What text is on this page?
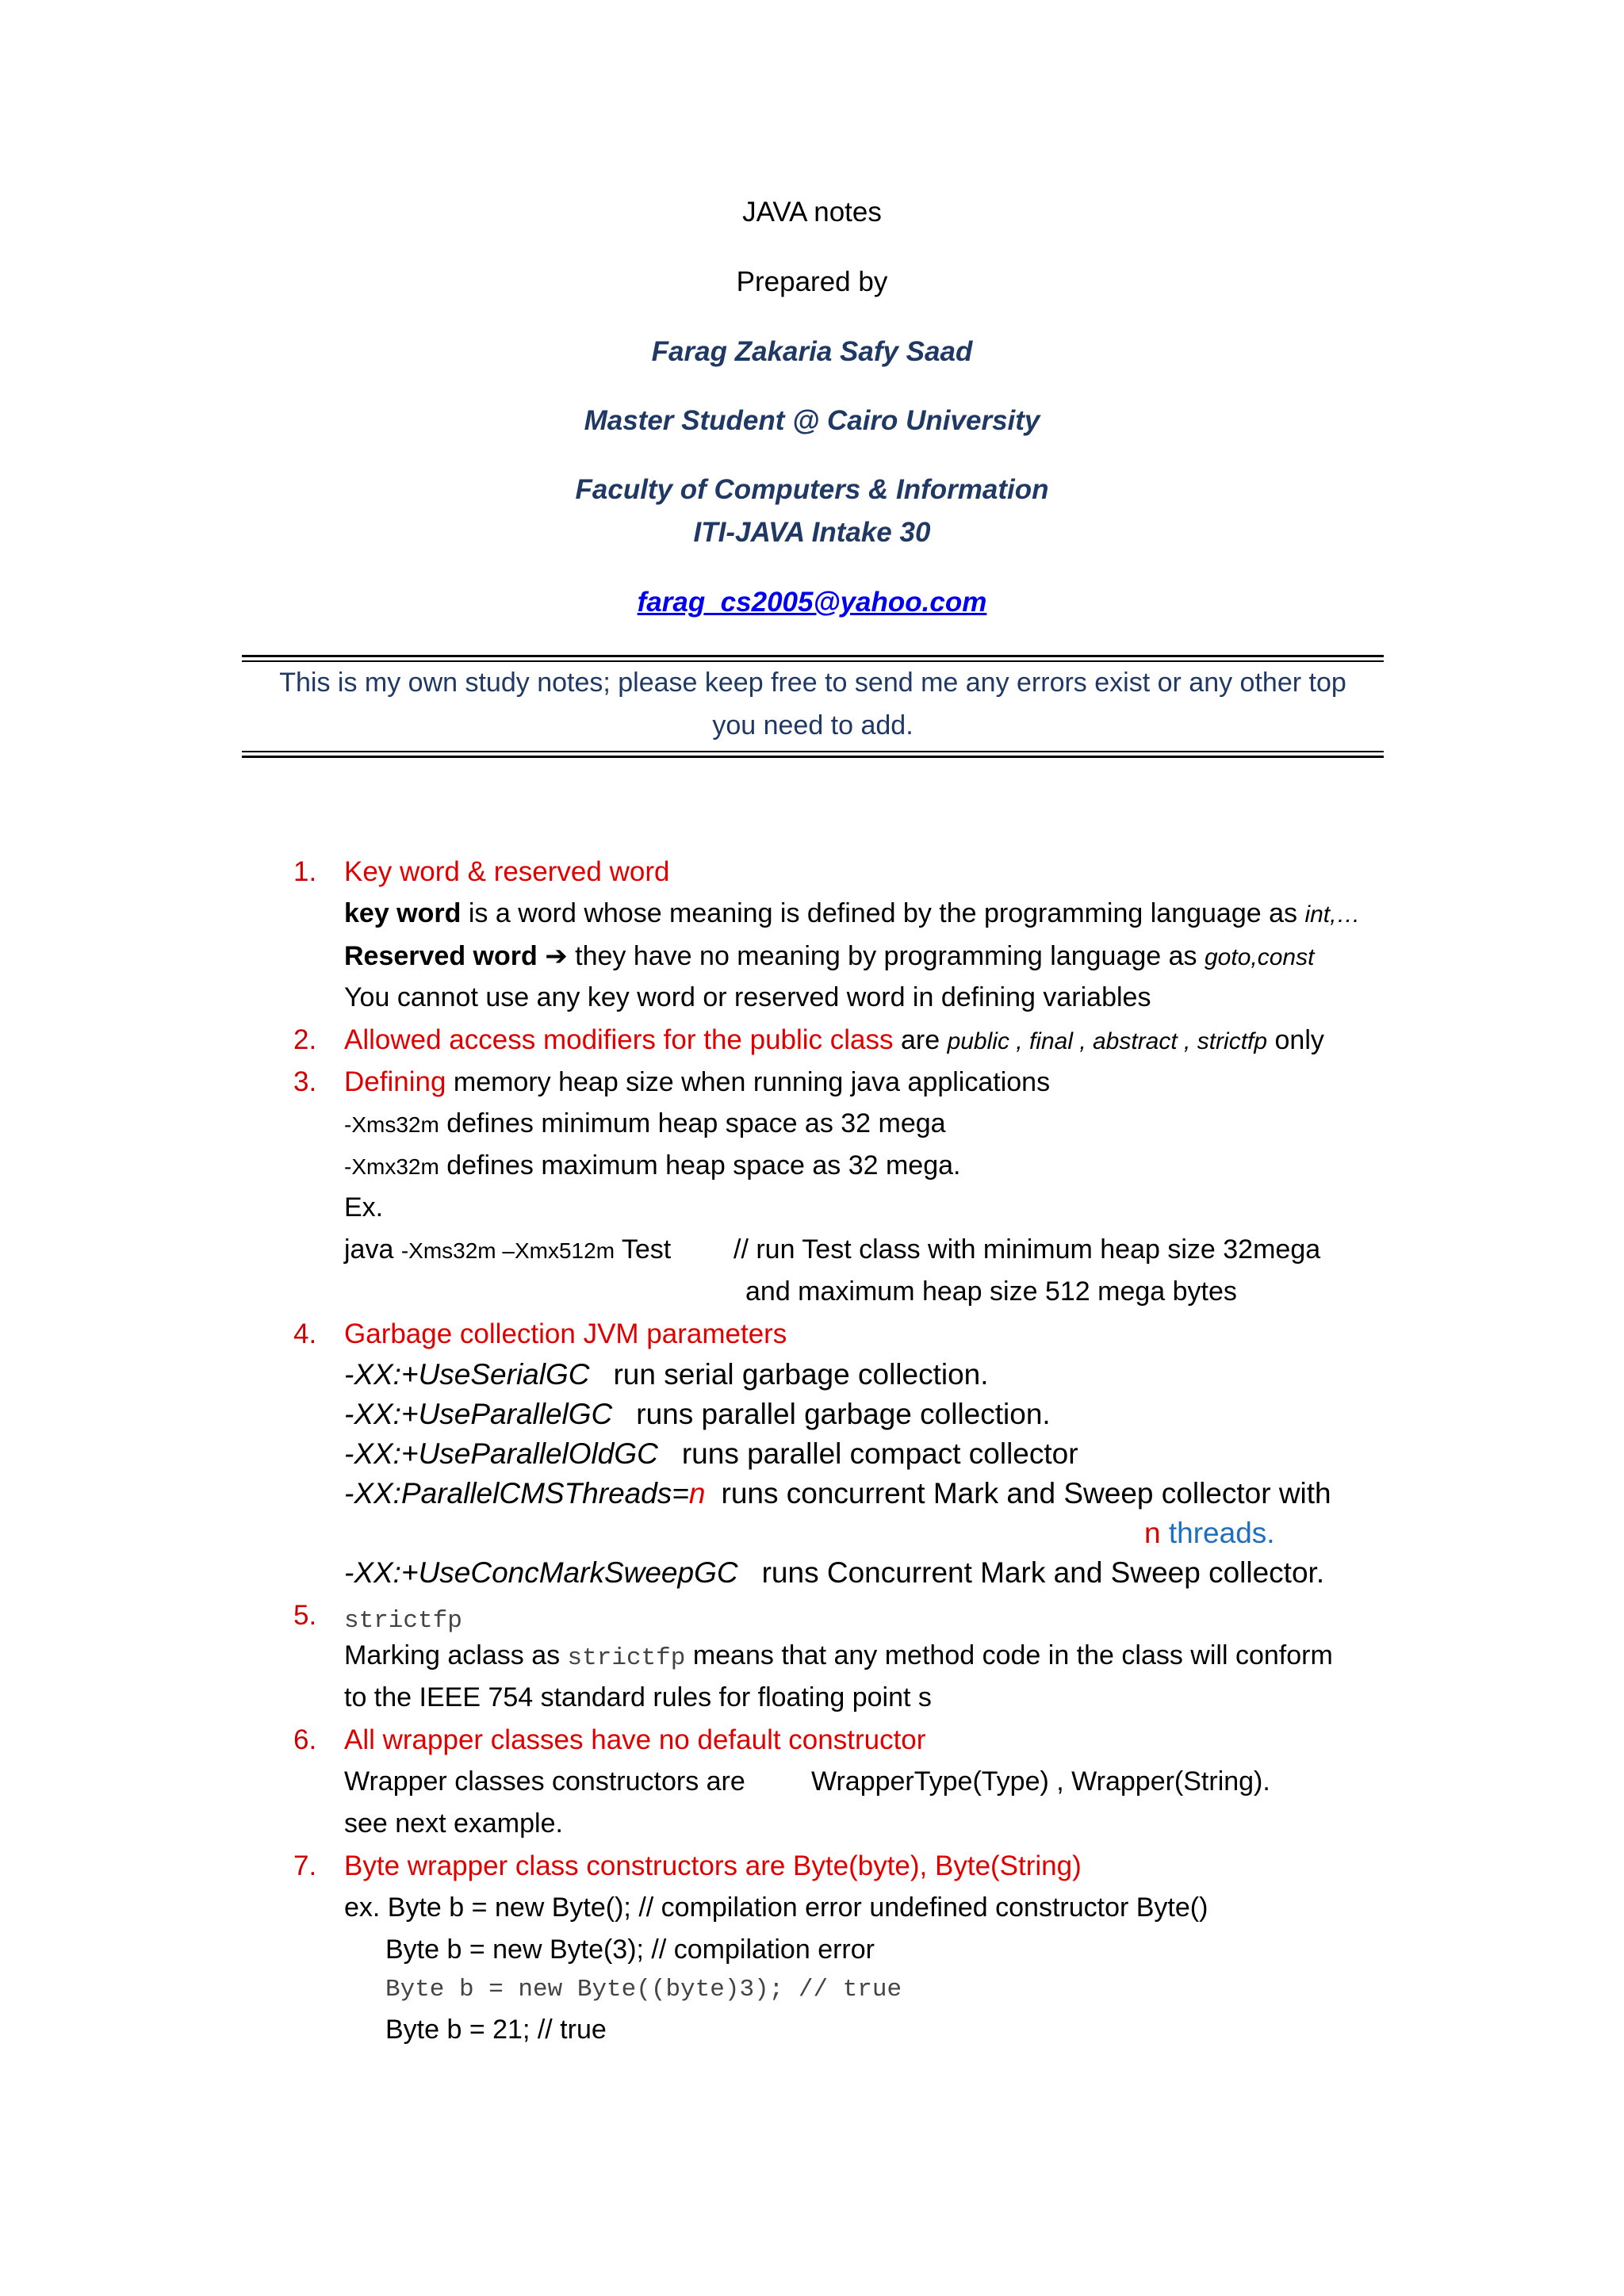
JAVA notes
Prepared by
Farag Zakaria Safy Saad
Master Student @ Cairo University
Faculty of Computers & Information
ITI-JAVA Intake 30
farag_cs2005@yahoo.com
This is my own study notes; please keep free to send me any errors exist or any other top
you need to add.
1. Key word & reserved word
key word is a word whose meaning is defined by the programming language as int,…
Reserved word ➔ they have no meaning by programming language as goto,const
You cannot use any key word or reserved word in defining variables
2. Allowed access modifiers for the public class are public , final , abstract , strictfp only
3. Defining memory heap size when running java applications
-Xms32m defines minimum heap space as 32 mega
-Xmx32m defines maximum heap space as 32 mega.
Ex.
java -Xms32m –Xmx512m Test // run Test class with minimum heap size 32mega
and maximum heap size 512 mega bytes
4. Garbage collection JVM parameters
-XX:+UseSerialGC run serial garbage collection.
-XX:+UseParallelGC runs parallel garbage collection.
-XX:+UseParallelOldGC runs parallel compact collector
-XX:ParallelCMSThreads=n runs concurrent Mark and Sweep collector with
n threads.
-XX:+UseConcMarkSweepGC runs Concurrent Mark and Sweep collector.
5. strictfp
Marking aclass as strictfp means that any method code in the class will conform
to the IEEE 754 standard rules for floating point s
6. All wrapper classes have no default constructor
Wrapper classes constructors are WrapperType(Type) , Wrapper(String).
see next example.
7. Byte wrapper class constructors are Byte(byte), Byte(String)
ex. Byte b = new Byte(); // compilation error undefined constructor Byte()
Byte b = new Byte(3); // compilation error
Byte b = new Byte((byte)3); // true
Byte b = 21; // true
